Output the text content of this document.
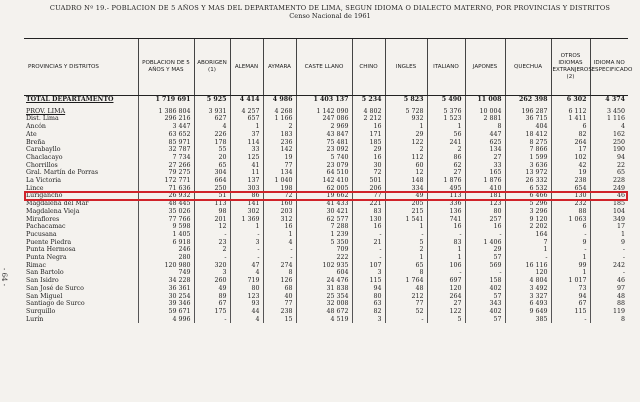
- 64 -
CUADRO Nº 19.- POBLACION DE 5 AÑOS Y MAS DEL DEPARTAMENTO DE LIMA, SEGUN IDIOMA O DIALECTO MATERNO, POR PROVINCIAS Y DISTRITOS
Censo Nacional de 1961
PROVINCIAS Y DISTRITOS	POBLACION DE 5 AÑOS Y MAS	ABORIGEN (1)	ALEMAN	AYMARA	CASTE LLANO	CHINO	INGLES	ITALIANO	JAPONES	QUECHUA	OTROS IDIOMAS EXTRANJEROS (2)	IDIOMA NO ESPECIFICADO
TOTAL DEPARTAMENTO	1 719 691	5 925	4 414	4 986	1 403 137	5 234	5 823	5 490	11 008	262 398	6 302	4 374

PROV. LIMA	1 386 804	3 931	4 257	4 268	1 142 090	4 802	5 728	5 376	10 004	196 287	6 112	3 450
Dist. Lima	296 216	627	657	1 166	247 086	2 212	932	1 523	2 881	36 715	1 411	1 116
Ancón	3 447	4	1	2	2 969	16	1	1	8	404	6	4
Ate	63 652	226	37	183	43 847	171	29	56	447	18 412	82	162
Breña	85 971	178	114	236	75 481	185	122	241	625	8 275	264	250
Carabayllo	32 787	55	33	142	23 092	29	2	2	134	7 866	17	190
Chaclacayo	7 734	20	125	19	5 740	16	112	86	27	1 599	102	94
Chorrillos	27 266	65	41	77	23 079	30	60	62	33	3 636	42	22
Gral. Martín de Porras	79 275	304	11	134	64 510	72	12	27	165	13 972	19	65
La Victoria	172 771	664	137	1 040	142 410	501	148	1 876	1 876	26 332	238	228
Lince	71 636	250	303	198	62 005	206	334	495	410	6 532	654	249
Lurigancho	26 932	51	86	72	19 662	77	49	113	181	6 466	130	46
Magdalena del Mar	48 445	113	141	160	41 433	221	205	336	123	5 296	232	185
Magdalena Vieja	35 026	98	302	203	30 421	83	215	136	80	3 296	88	104
Miraflores	77 766	201	1 369	312	62 577	130	1 541	741	257	9 120	1 063	349
Pachacamac	9 598	12	1	16	7 288	16	1	16	16	2 202	6	17
Pucusana	1 405	-	-	1	1 239	-	-	-	-	164	-	1
Puente Piedra	6 918	23	3	4	5 350	21	5	83	1 406	7	9	9
Punta Hermosa	246	2	-	-	709	-	2	1	29	1	-	-
Punta Negra	280	-	-	-	222	-	1	1	57	-	1	-
Rimac	120 980	320	47	274	102 935	107	65	106	569	16 116	99	242
San Bartolo	749	3	4	8	604	3	8	-	-	120	1	-
San Isidro	34 228	260	719	126	24 476	115	1 764	697	158	4 804	1 017	46
San José de Surco	36 361	49	80	68	31 838	94	48	120	402	3 492	73	97
San Miguel	30 254	89	123	40	25 354	80	212	264	57	3 327	94	48
Santiago de Surco	39 346	67	93	77	32 008	63	77	27	343	6 493	67	88
Surquillo	59 671	175	44	238	48 672	82	52	122	402	9 649	115	119
Lurín	4 996	-	4	15	4 519	3	-	5	57	385	-	8
